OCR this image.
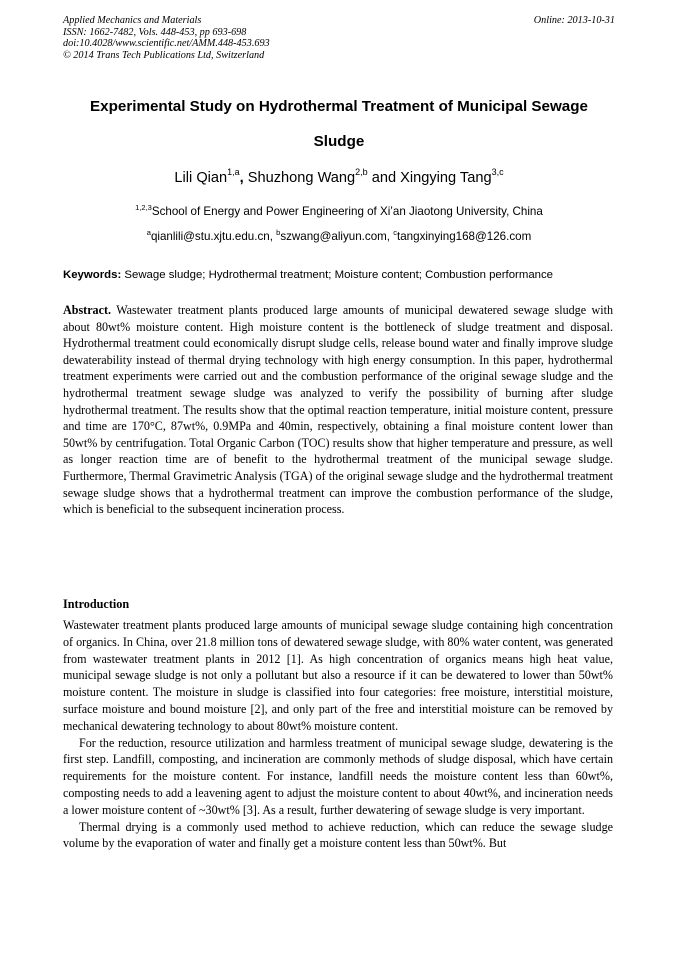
Applied Mechanics and Materials
ISSN: 1662-7482, Vols. 448-453, pp 693-698
doi:10.4028/www.scientific.net/AMM.448-453.693
© 2014 Trans Tech Publications Ltd, Switzerland
Online: 2013-10-31
Experimental Study on Hydrothermal Treatment of Municipal Sewage
Sludge
Lili Qian$^{1,a}$, Shuzhong Wang$^{2,b}$ and Xingying Tang$^{3,c}$
$^{1,2,3}$School of Energy and Power Engineering of Xi’an Jiaotong University, China
$^a$qianlili@stu.xjtu.edu.cn, $^b$szwang@aliyun.com, $^c$tangxinying168@126.com
Keywords: Sewage sludge; Hydrothermal treatment; Moisture content; Combustion performance
Abstract. Wastewater treatment plants produced large amounts of municipal dewatered sewage sludge with about 80wt% moisture content. High moisture content is the bottleneck of sludge treatment and disposal. Hydrothermal treatment could economically disrupt sludge cells, release bound water and finally improve sludge dewaterability instead of thermal drying technology with high energy consumption. In this paper, hydrothermal treatment experiments were carried out and the combustion performance of the original sewage sludge and the hydrothermal treatment sewage sludge was analyzed to verify the possibility of burning after sludge hydrothermal treatment. The results show that the optimal reaction temperature, initial moisture content, pressure and time are 170°C, 87wt%, 0.9MPa and 40min, respectively, obtaining a final moisture content lower than 50wt% by centrifugation. Total Organic Carbon (TOC) results show that higher temperature and pressure, as well as longer reaction time are of benefit to the hydrothermal treatment of the municipal sewage sludge. Furthermore, Thermal Gravimetric Analysis (TGA) of the original sewage sludge and the hydrothermal treatment sewage sludge shows that a hydrothermal treatment can improve the combustion performance of the sludge, which is beneficial to the subsequent incineration process.
Introduction

Wastewater treatment plants produced large amounts of municipal sewage sludge containing high concentration of organics. In China, over 21.8 million tons of dewatered sewage sludge, with 80% water content, was generated from wastewater treatment plants in 2012 [1]. As high concentration of organics means high heat value, municipal sewage sludge is not only a pollutant but also a resource if it can be dewatered to lower than 50wt% moisture content. The moisture in sludge is classified into four categories: free moisture, interstitial moisture, surface moisture and bound moisture [2], and only part of the free and interstitial moisture can be removed by mechanical dewatering technology to about 80wt% moisture content.

For the reduction, resource utilization and harmless treatment of municipal sewage sludge, dewatering is the first step. Landfill, composting, and incineration are commonly methods of sludge disposal, which have certain requirements for the moisture content. For instance, landfill needs the moisture content less than 60wt%, composting needs to add a leavening agent to adjust the moisture content to about 40wt%, and incineration needs a lower moisture content of ~30wt% [3]. As a result, further dewatering of sewage sludge is very important.

Thermal drying is a commonly used method to achieve reduction, which can reduce the sewage sludge volume by the evaporation of water and finally get a moisture content less than 50wt%. But
